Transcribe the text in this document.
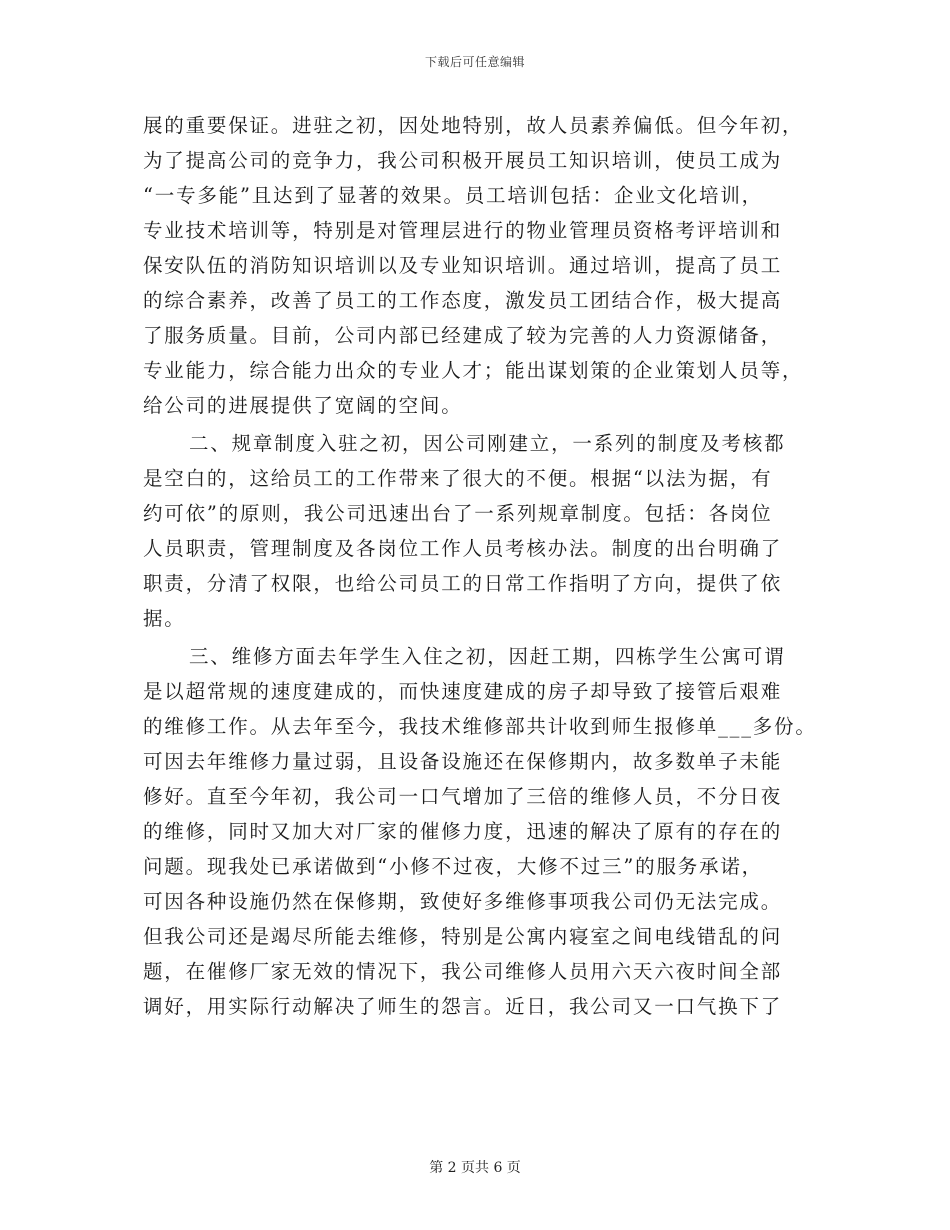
下载后可任意编辑
展的重要保证。进驻之初，因处地特别，故人员素养偏低。但今年初，
为了提高公司的竞争力，我公司积极开展员工知识培训，使员工成为
“一专多能”且达到了显著的效果。员工培训包括：企业文化培训，
专业技术培训等，特别是对管理层进行的物业管理员资格考评培训和
保安队伍的消防知识培训以及专业知识培训。通过培训，提高了员工
的综合素养，改善了员工的工作态度，激发员工团结合作，极大提高
了服务质量。目前，公司内部已经建成了较为完善的人力资源储备，
专业能力，综合能力出众的专业人才；能出谋划策的企业策划人员等，
给公司的进展提供了宽阔的空间。
二、规章制度入驻之初，因公司刚建立，一系列的制度及考核都
是空白的，这给员工的工作带来了很大的不便。根据“以法为据，有
约可依”的原则，我公司迅速出台了一系列规章制度。包括：各岗位
人员职责，管理制度及各岗位工作人员考核办法。制度的出台明确了
职责，分清了权限，也给公司员工的日常工作指明了方向，提供了依
据。
三、维修方面去年学生入住之初，因赶工期，四栋学生公寓可谓
是以超常规的速度建成的，而快速度建成的房子却导致了接管后艰难
的维修工作。从去年至今，我技术维修部共计收到师生报修单___多份。
可因去年维修力量过弱，且设备设施还在保修期内，故多数单子未能
修好。直至今年初，我公司一口气增加了三倍的维修人员，不分日夜
的维修，同时又加大对厂家的催修力度，迅速的解决了原有的存在的
问题。现我处已承诺做到“小修不过夜，大修不过三”的服务承诺，
可因各种设施仍然在保修期，致使好多维修事项我公司仍无法完成。
但我公司还是竭尽所能去维修，特别是公寓内寝室之间电线错乱的问
题，在催修厂家无效的情况下，我公司维修人员用六天六夜时间全部
调好，用实际行动解决了师生的怨言。近日，我公司又一口气换下了
第 2 页共 6 页
